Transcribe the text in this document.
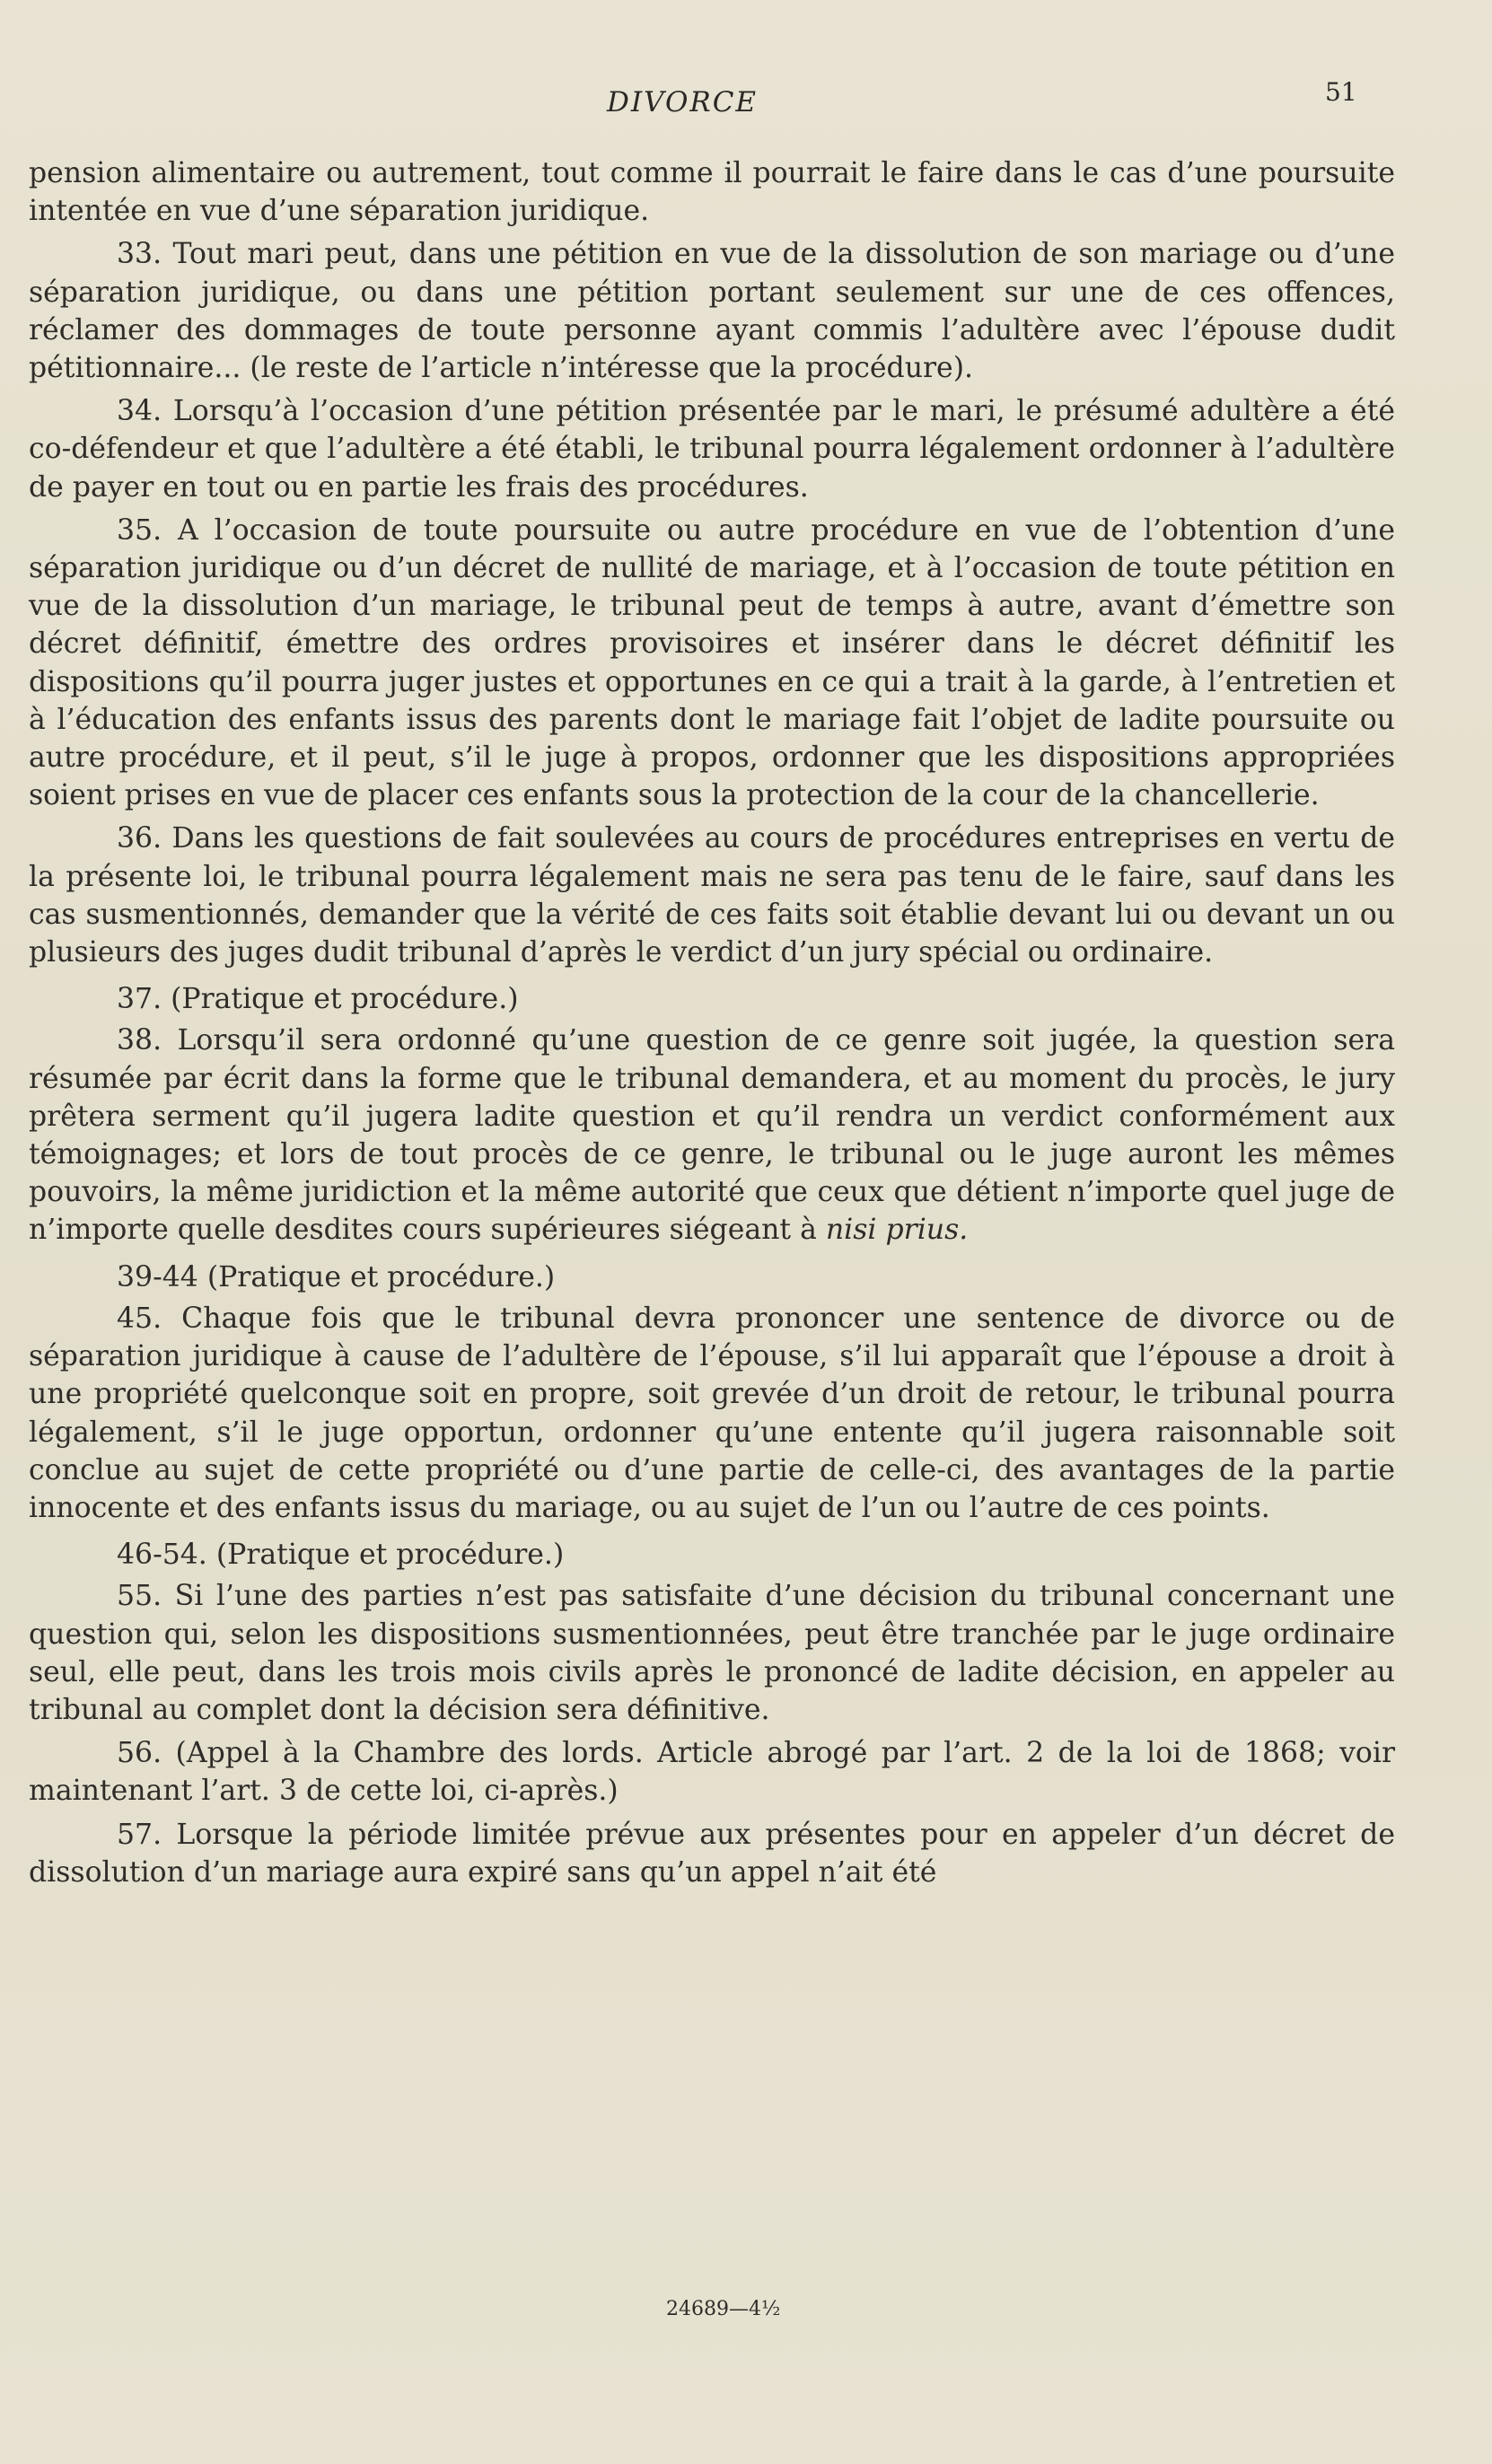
DIVORCE	51

pension alimentaire ou autrement, tout comme il pourrait le faire dans le cas d’une poursuite intentée en vue d’une séparation juridique.

33. Tout mari peut, dans une pétition en vue de la dissolution de son mariage ou d’une séparation juridique, ou dans une pétition portant seulement sur une de ces offences, réclamer des dommages de toute personne ayant commis l’adultère avec l’épouse dudit pétitionnaire... (le reste de l’article n’intéresse que la procédure).

34. Lorsqu’à l’occasion d’une pétition présentée par le mari, le présumé adultère a été co-défendeur et que l’adultère a été établi, le tribunal pourra légalement ordonner à l’adultère de payer en tout ou en partie les frais des procédures.

35. A l’occasion de toute poursuite ou autre procédure en vue de l’obtention d’une séparation juridique ou d’un décret de nullité de mariage, et à l’occasion de toute pétition en vue de la dissolution d’un mariage, le tribunal peut de temps à autre, avant d’émettre son décret définitif, émettre des ordres provisoires et insérer dans le décret définitif les dispositions qu’il pourra juger justes et opportunes en ce qui a trait à la garde, à l’entretien et à l’éducation des enfants issus des parents dont le mariage fait l’objet de ladite poursuite ou autre procédure, et il peut, s’il le juge à propos, ordonner que les dispositions appropriées soient prises en vue de placer ces enfants sous la protection de la cour de la chancellerie.

36. Dans les questions de fait soulevées au cours de procédures entreprises en vertu de la présente loi, le tribunal pourra légalement mais ne sera pas tenu de le faire, sauf dans les cas susmentionnés, demander que la vérité de ces faits soit établie devant lui ou devant un ou plusieurs des juges dudit tribunal d’après le verdict d’un jury spécial ou ordinaire.

37. (Pratique et procédure.)

38. Lorsqu’il sera ordonné qu’une question de ce genre soit jugée, la question sera résumée par écrit dans la forme que le tribunal demandera, et au moment du procès, le jury prêtera serment qu’il jugera ladite question et qu’il rendra un verdict conformément aux témoignages; et lors de tout procès de ce genre, le tribunal ou le juge auront les mêmes pouvoirs, la même juridiction et la même autorité que ceux que détient n’importe quel juge de n’importe quelle desdites cours supérieures siégeant à nisi prius.

39-44 (Pratique et procédure.)

45. Chaque fois que le tribunal devra prononcer une sentence de divorce ou de séparation juridique à cause de l’adultère de l’épouse, s’il lui apparaît que l’épouse a droit à une propriété quelconque soit en propre, soit grevée d’un droit de retour, le tribunal pourra légalement, s’il le juge opportun, ordonner qu’une entente qu’il jugera raisonnable soit conclue au sujet de cette propriété ou d’une partie de celle-ci, des avantages de la partie innocente et des enfants issus du mariage, ou au sujet de l’un ou l’autre de ces points.

46-54. (Pratique et procédure.)

55. Si l’une des parties n’est pas satisfaite d’une décision du tribunal concernant une question qui, selon les dispositions susmentionnées, peut être tranchée par le juge ordinaire seul, elle peut, dans les trois mois civils après le prononcé de ladite décision, en appeler au tribunal au complet dont la décision sera définitive.

56. (Appel à la Chambre des lords. Article abrogé par l’art. 2 de la loi de 1868; voir maintenant l’art. 3 de cette loi, ci-après.)

57. Lorsque la période limitée prévue aux présentes pour en appeler d’un décret de dissolution d’un mariage aura expiré sans qu’un appel n’ait été

24689—4½
